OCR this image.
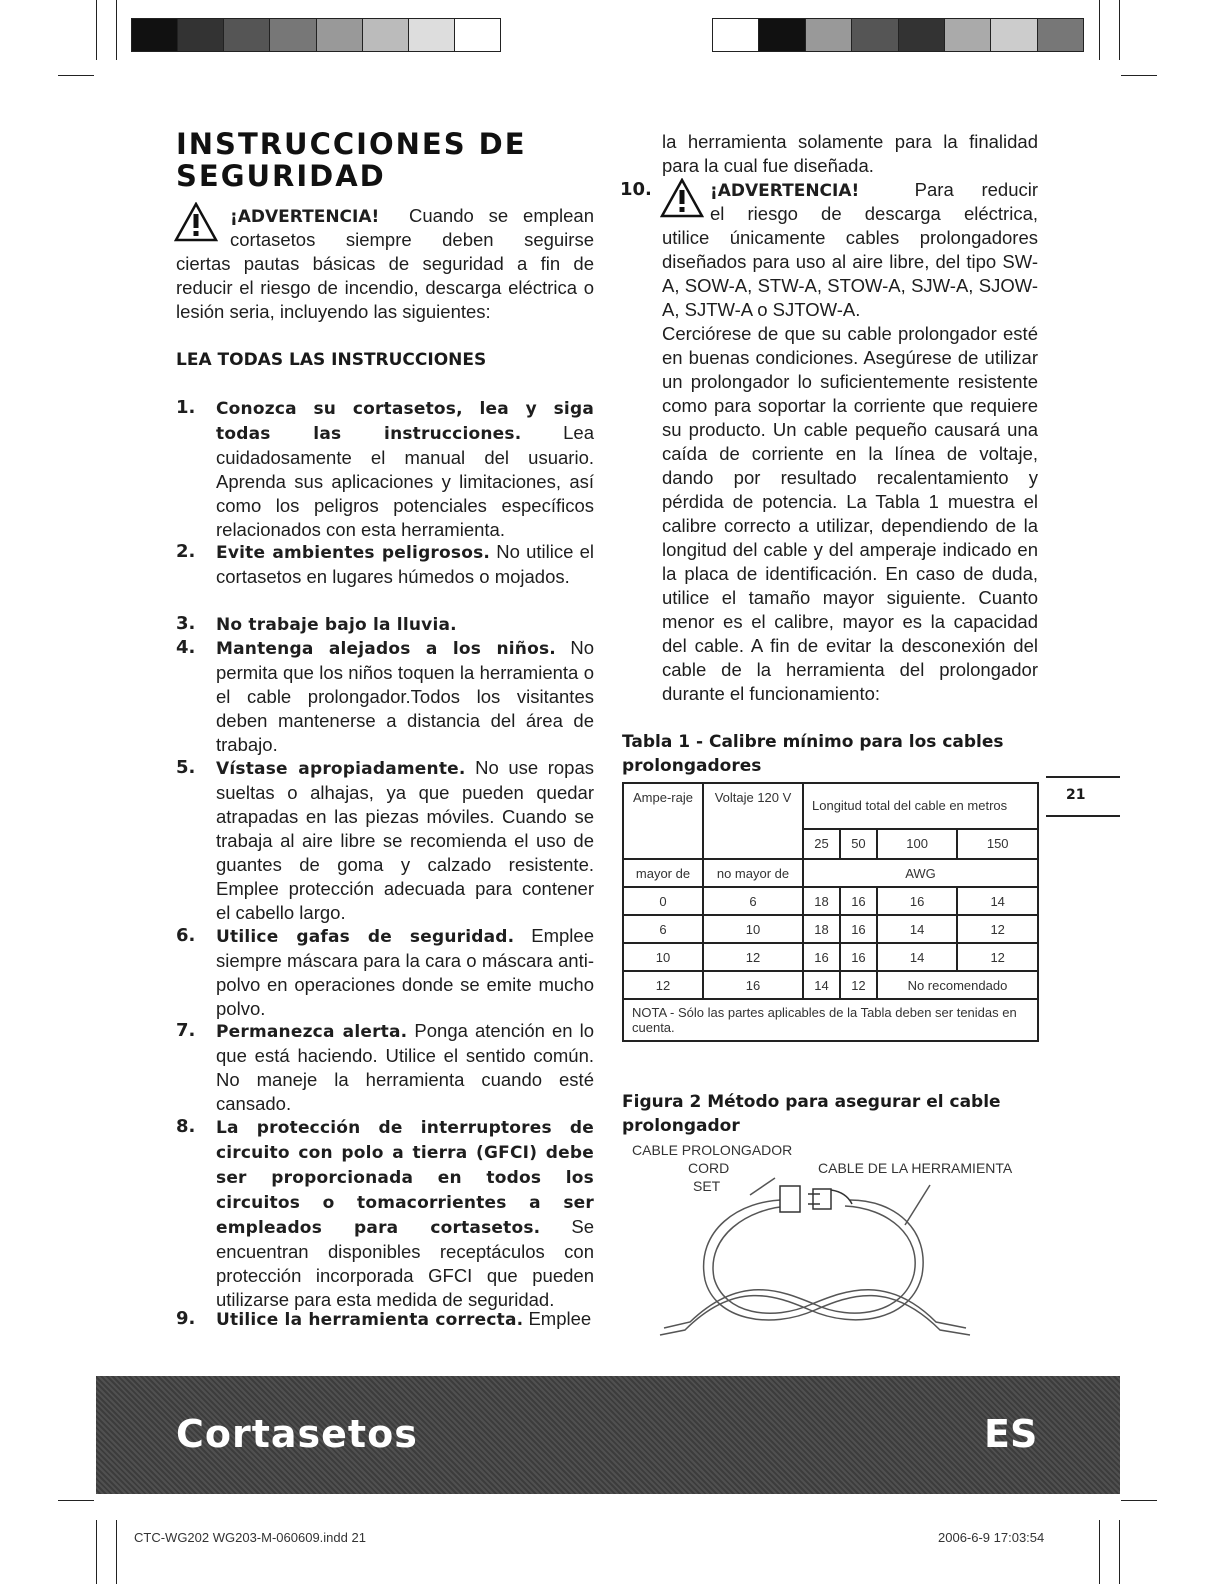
INSTRUCCIONES DE SEGURIDAD
¡ADVERTENCIA! Cuando se emplean
cortasetos siempre deben seguirse
ciertas pautas básicas de seguridad a fin de reducir el riesgo de incendio, descarga eléctrica o lesión seria, incluyendo las siguientes:
LEA TODAS LAS INSTRUCCIONES
1.	Conozca su cortasetos, lea y siga todas las instrucciones. Lea cuidadosamente el manual del usuario. Aprenda sus aplicaciones y limitaciones, así como los peligros potenciales específicos relacionados con esta herramienta.
2.	Evite ambientes peligrosos. No utilice el cortasetos en lugares húmedos o mojados.
3.	No trabaje bajo la lluvia.
4.	Mantenga alejados a los niños. No permita que los niños toquen la herramienta o el cable prolongador.Todos los visitantes deben mantenerse a distancia del área de trabajo.
5.	Vístase apropiadamente. No use ropas sueltas o alhajas, ya que pueden quedar atrapadas en las piezas móviles. Cuando se trabaja al aire libre se recomienda el uso de guantes de goma y calzado resistente. Emplee protección adecuada para contener el cabello largo.
6.	Utilice gafas de seguridad. Emplee siempre máscara para la cara o máscara anti-polvo en operaciones donde se emite mucho polvo.
7.	Permanezca alerta. Ponga atención en lo que está haciendo. Utilice el sentido común. No maneje la herramienta cuando esté cansado.
8.	La protección de interruptores de circuito con polo a tierra (GFCI) debe ser proporcionada en todos los circuitos o tomacorrientes a ser empleados para cortasetos. Se encuentran disponibles receptáculos con protección incorporada GFCI que pueden utilizarse para esta medida de seguridad.
9.	Utilice la herramienta correcta. Emplee
la herramienta solamente para la finalidad para la cual fue diseñada.
10.	¡ADVERTENCIA!	Para reducir
el riesgo de descarga eléctrica,
utilice únicamente cables prolongadores diseñados para uso al aire libre, del tipo SW-A, SOW-A, STW-A, STOW-A, SJW-A, SJOW-A, SJTW-A o SJTOW-A.
Cerciórese de que su cable prolongador esté en buenas condiciones. Asegúrese de utilizar un prolongador lo suficientemente resistente como para soportar la corriente que requiere su producto. Un cable pequeño causará una caída de corriente en la línea de voltaje, dando por resultado recalentamiento y pérdida de potencia. La Tabla 1 muestra el calibre correcto a utilizar, dependiendo de la longitud del cable y del amperaje indicado en la placa de identificación. En caso de duda, utilice el tamaño mayor siguiente. Cuanto menor es el calibre, mayor es la capacidad del cable. A fin de evitar la desconexión del cable de la herramienta del prolongador durante el funcionamiento:
Tabla 1 - Calibre mínimo para los cables prolongadores
Ampe-raje	Voltaje 120 V	Longitud total del cable en metros			
		25	50	100	150
mayor de	no mayor de	AWG			
0	6	18	16	16	14
6	10	18	16	14	12
10	12	16	16	14	12
12	16	14	12	No recomendado	
NOTA - Sólo las partes aplicables de la Tabla deben ser tenidas en cuenta.					
21
Figura 2 Método para asegurar el cable prolongador
CABLE PROLONGADOR
CORD
SET
CABLE DE LA HERRAMIENTA
Cortasetos	ES
CTC-WG202 WG203-M-060609.indd 21	2006-6-9 17:03:54
